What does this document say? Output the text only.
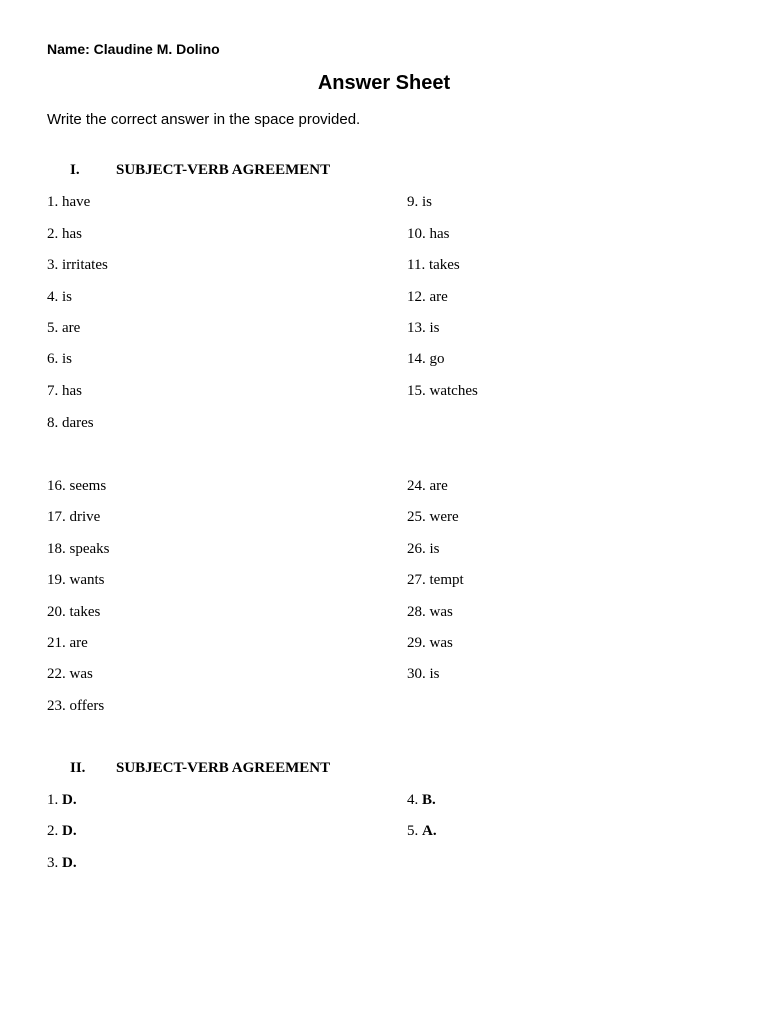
Name: Claudine M. Dolino
Answer Sheet
Write the correct answer in the space provided.
I. SUBJECT-VERB AGREEMENT
1. have
2. has
3. irritates
4. is
5. are
6. is
7. has
8. dares
9. is
10. has
11. takes
12. are
13. is
14. go
15. watches
16. seems
17. drive
18. speaks
19. wants
20. takes
21. are
22. was
23. offers
24. are
25. were
26. is
27. tempt
28. was
29. was
30. is
II. SUBJECT-VERB AGREEMENT
1. D.
2. D.
3. D.
4. B.
5. A.
